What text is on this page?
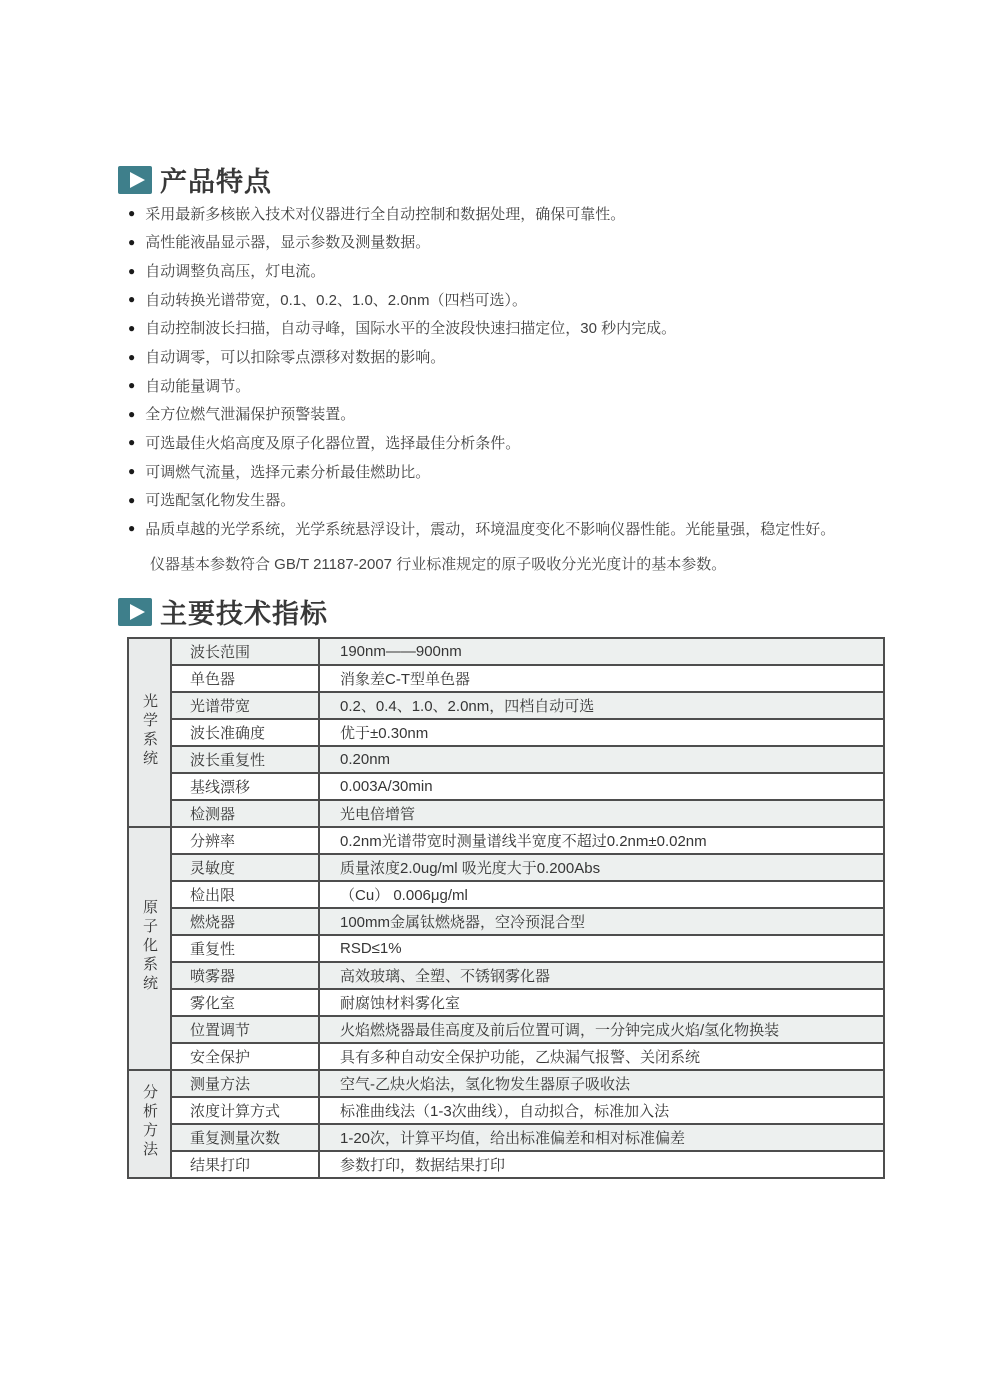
产品特点
● 采用最新多核嵌入技术对仪器进行全自动控制和数据处理，确保可靠性。
● 高性能液晶显示器，显示参数及测量数据。
● 自动调整负高压，灯电流。
● 自动转换光谱带宽，0.1、0.2、1.0、2.0nm（四档可选）。
● 自动控制波长扫描，自动寻峰，国际水平的全波段快速扫描定位，30 秒内完成。
● 自动调零，可以扣除零点漂移对数据的影响。
● 自动能量调节。
● 全方位燃气泄漏保护预警装置。
● 可选最佳火焰高度及原子化器位置，选择最佳分析条件。
● 可调燃气流量，选择元素分析最佳燃助比。
● 可选配氢化物发生器。
● 品质卓越的光学系统，光学系统悬浮设计，震动，环境温度变化不影响仪器性能。光能量强，稳定性好。
仪器基本参数符合 GB/T 21187-2007 行业标准规定的原子吸收分光光度计的基本参数。
主要技术指标
光学系统	波长范围	190nm——900nm
	单色器	消象差C-T型单色器
	光谱带宽	0.2、0.4、1.0、2.0nm，四档自动可选
	波长准确度	优于±0.30nm
	波长重复性	0.20nm
	基线漂移	0.003A/30min
	检测器	光电倍增管
原子化系统	分辨率	0.2nm光谱带宽时测量谱线半宽度不超过0.2nm±0.02nm
	灵敏度	质量浓度2.0ug/ml 吸光度大于0.200Abs
	检出限	（Cu） 0.006μg/ml
	燃烧器	100mm金属钛燃烧器，空冷预混合型
	重复性	RSD≤1%
	喷雾器	高效玻璃、全塑、不锈钢雾化器
	雾化室	耐腐蚀材料雾化室
	位置调节	火焰燃烧器最佳高度及前后位置可调，一分钟完成火焰/氢化物换装
	安全保护	具有多种自动安全保护功能，乙炔漏气报警、关闭系统
分析方法	测量方法	空气-乙炔火焰法，氢化物发生器原子吸收法
	浓度计算方式	标准曲线法（1-3次曲线），自动拟合，标准加入法
	重复测量次数	1-20次，计算平均值，给出标准偏差和相对标准偏差
	结果打印	参数打印，数据结果打印
